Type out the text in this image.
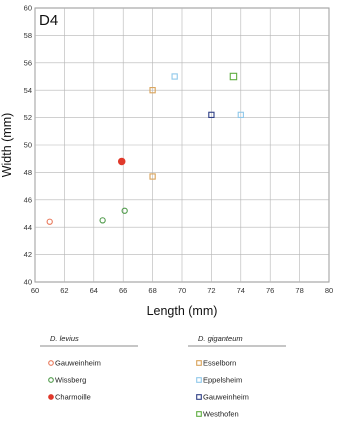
60	62	64	66	68	70	72	74	76	78	80
40
42
44
46
48
50
52
54
56
58
60
D4
Length (mm)
Width (mm)
D. levius
Gauweinheim
Wissberg
Charmoille
D. giganteum
Esselborn
Eppelsheim
Gauweinheim
Westhofen
